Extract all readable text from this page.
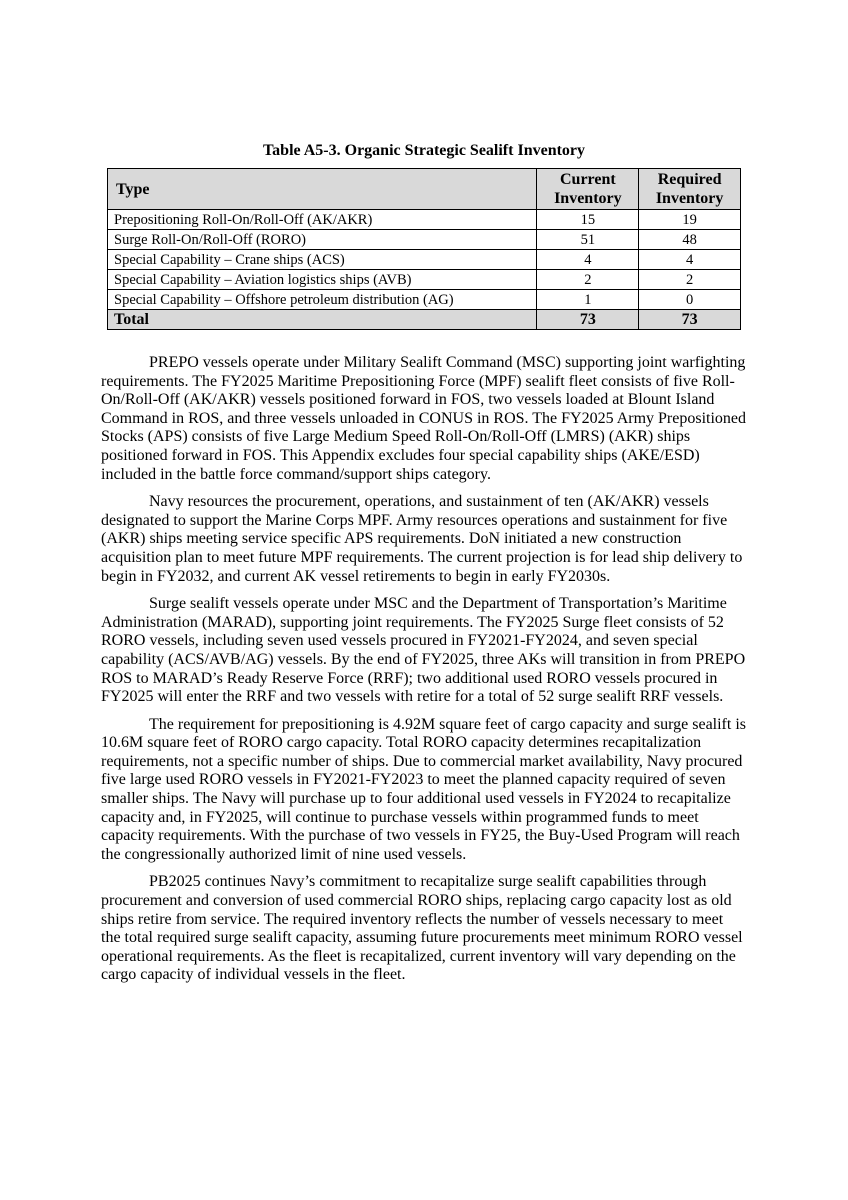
Table A5-3. Organic Strategic Sealift Inventory
Type	Current Inventory	Required Inventory
Prepositioning Roll-On/Roll-Off (AK/AKR)	15	19
Surge Roll-On/Roll-Off (RORO)	51	48
Special Capability – Crane ships (ACS)	4	4
Special Capability – Aviation logistics ships (AVB)	2	2
Special Capability – Offshore petroleum distribution (AG)	1	0
Total	73	73

PREPO vessels operate under Military Sealift Command (MSC) supporting joint warfighting requirements. The FY2025 Maritime Prepositioning Force (MPF) sealift fleet consists of five Roll-On/Roll-Off (AK/AKR) vessels positioned forward in FOS, two vessels loaded at Blount Island Command in ROS, and three vessels unloaded in CONUS in ROS. The FY2025 Army Prepositioned Stocks (APS) consists of five Large Medium Speed Roll-On/Roll-Off (LMRS) (AKR) ships positioned forward in FOS. This Appendix excludes four special capability ships (AKE/ESD) included in the battle force command/support ships category.

Navy resources the procurement, operations, and sustainment of ten (AK/AKR) vessels designated to support the Marine Corps MPF. Army resources operations and sustainment for five (AKR) ships meeting service specific APS requirements. DoN initiated a new construction acquisition plan to meet future MPF requirements. The current projection is for lead ship delivery to begin in FY2032, and current AK vessel retirements to begin in early FY2030s.

Surge sealift vessels operate under MSC and the Department of Transportation’s Maritime Administration (MARAD), supporting joint requirements. The FY2025 Surge fleet consists of 52 RORO vessels, including seven used vessels procured in FY2021-FY2024, and seven special capability (ACS/AVB/AG) vessels. By the end of FY2025, three AKs will transition in from PREPO ROS to MARAD’s Ready Reserve Force (RRF); two additional used RORO vessels procured in FY2025 will enter the RRF and two vessels with retire for a total of 52 surge sealift RRF vessels.

The requirement for prepositioning is 4.92M square feet of cargo capacity and surge sealift is 10.6M square feet of RORO cargo capacity. Total RORO capacity determines recapitalization requirements, not a specific number of ships. Due to commercial market availability, Navy procured five large used RORO vessels in FY2021-FY2023 to meet the planned capacity required of seven smaller ships. The Navy will purchase up to four additional used vessels in FY2024 to recapitalize capacity and, in FY2025, will continue to purchase vessels within programmed funds to meet capacity requirements. With the purchase of two vessels in FY25, the Buy-Used Program will reach the congressionally authorized limit of nine used vessels.

PB2025 continues Navy’s commitment to recapitalize surge sealift capabilities through procurement and conversion of used commercial RORO ships, replacing cargo capacity lost as old ships retire from service. The required inventory reflects the number of vessels necessary to meet the total required surge sealift capacity, assuming future procurements meet minimum RORO vessel operational requirements. As the fleet is recapitalized, current inventory will vary depending on the cargo capacity of individual vessels in the fleet.
